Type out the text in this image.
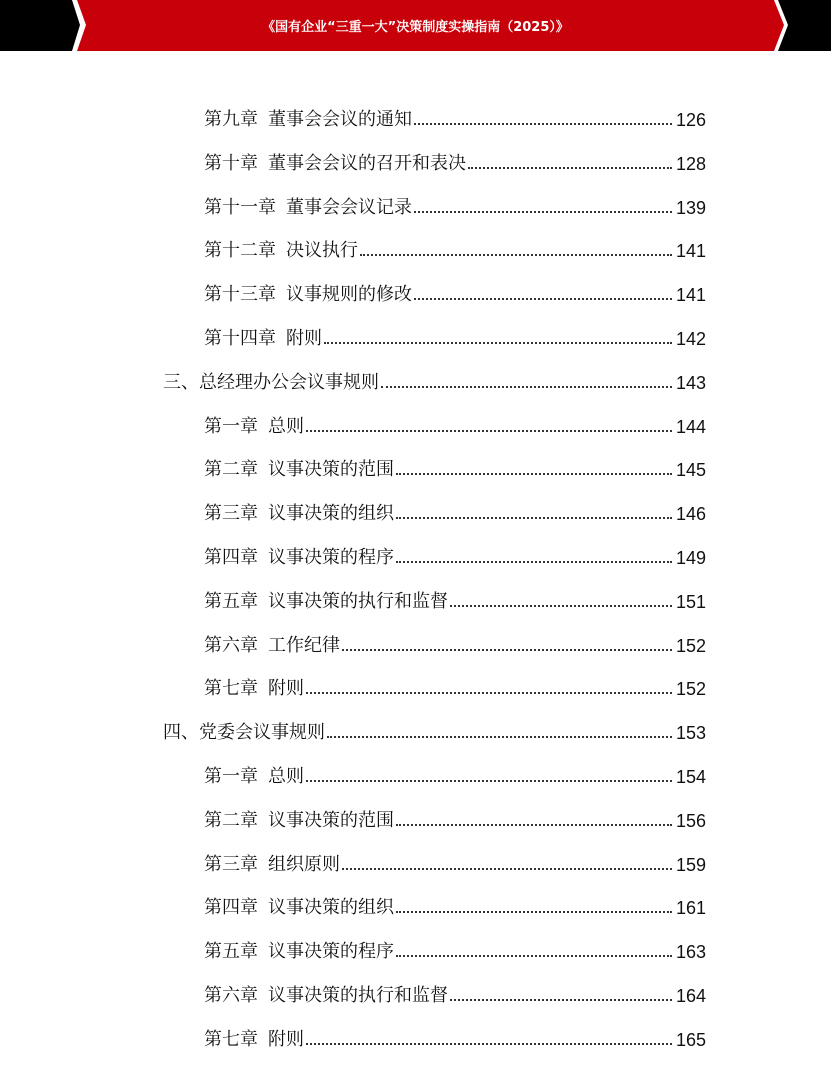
《国有企业“三重一大”决策制度实操指南（2025）》
第九章 董事会会议的通知	126
第十章 董事会会议的召开和表决	128
第十一章 董事会会议记录	139
第十二章 决议执行	141
第十三章 议事规则的修改	141
第十四章 附则	142
三、总经理办公会议事规则	143
第一章 总则	144
第二章 议事决策的范围	145
第三章 议事决策的组织	146
第四章 议事决策的程序	149
第五章 议事决策的执行和监督	151
第六章 工作纪律	152
第七章 附则	152
四、党委会议事规则	153
第一章 总则	154
第二章 议事决策的范围	156
第三章 组织原则	159
第四章 议事决策的组织	161
第五章 议事决策的程序	163
第六章 议事决策的执行和监督	164
第七章 附则	165
